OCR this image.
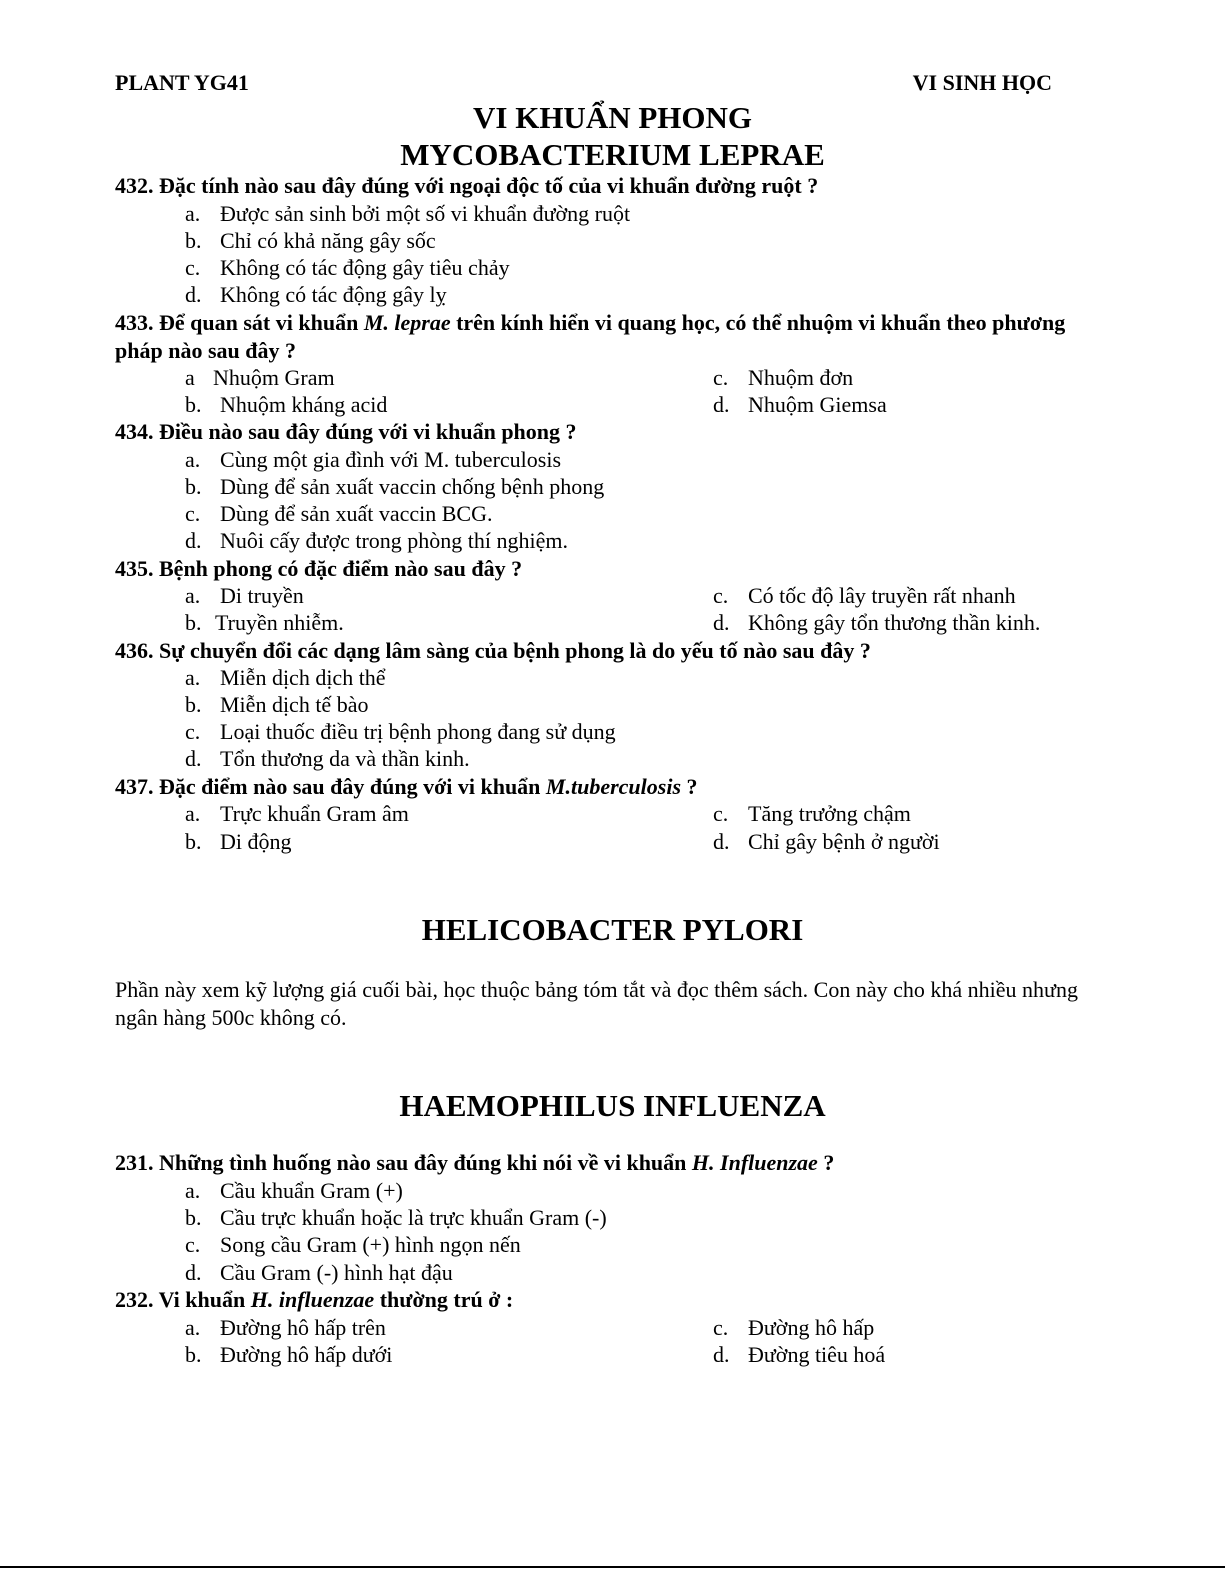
PLANT YG41	VI SINH HỌC
VI KHUẨN PHONG
MYCOBACTERIUM LEPRAE
432. Đặc tính nào sau đây đúng với ngoại độc tố của vi khuẩn đường ruột ?
a. Được sản sinh bởi một số vi khuẩn đường ruột
b. Chỉ có khả năng gây sốc
c. Không có tác động gây tiêu chảy
d. Không có tác động gây lỵ
433. Để quan sát vi khuẩn M. leprae trên kính hiển vi quang học, có thể nhuộm vi khuẩn theo phương pháp nào sau đây ?
a Nhuộm Gram
b. Nhuộm kháng acid
c. Nhuộm đơn
d. Nhuộm Giemsa
434. Điều nào sau đây đúng với vi khuẩn phong ?
a. Cùng một gia đình với M. tuberculosis
b. Dùng để sản xuất vaccin chống bệnh phong
c. Dùng để sản xuất vaccin BCG.
d. Nuôi cấy được trong phòng thí nghiệm.
435. Bệnh phong có đặc điểm nào sau đây ?
a. Di truyền
b. Truyền nhiễm.
c. Có tốc độ lây truyền rất nhanh
d. Không gây tổn thương thần kinh.
436. Sự chuyển đổi các dạng lâm sàng của bệnh phong là do yếu tố nào sau đây ?
a. Miễn dịch dịch thể
b. Miễn dịch tế bào
c. Loại thuốc điều trị bệnh phong đang sử dụng
d. Tổn thương da và thần kinh.
437. Đặc điểm nào sau đây đúng với vi khuẩn M.tuberculosis ?
a. Trực khuẩn Gram âm
b. Di động
c. Tăng trưởng chậm
d. Chỉ gây bệnh ở người
HELICOBACTER PYLORI
Phần này xem kỹ lượng giá cuối bài, học thuộc bảng tóm tắt và đọc thêm sách. Con này cho khá nhiều nhưng ngân hàng 500c không có.
HAEMOPHILUS INFLUENZA
231. Những tình huống nào sau đây đúng khi nói về vi khuẩn H. Influenzae ?
a. Cầu khuẩn Gram (+)
b. Cầu trực khuẩn hoặc là trực khuẩn Gram (-)
c. Song cầu Gram (+) hình ngọn nến
d. Cầu Gram (-) hình hạt đậu
232. Vi khuẩn H. influenzae thường trú ở :
a. Đường hô hấp trên
b. Đường hô hấp dưới
c. Đường hô hấp
d. Đường tiêu hoá
